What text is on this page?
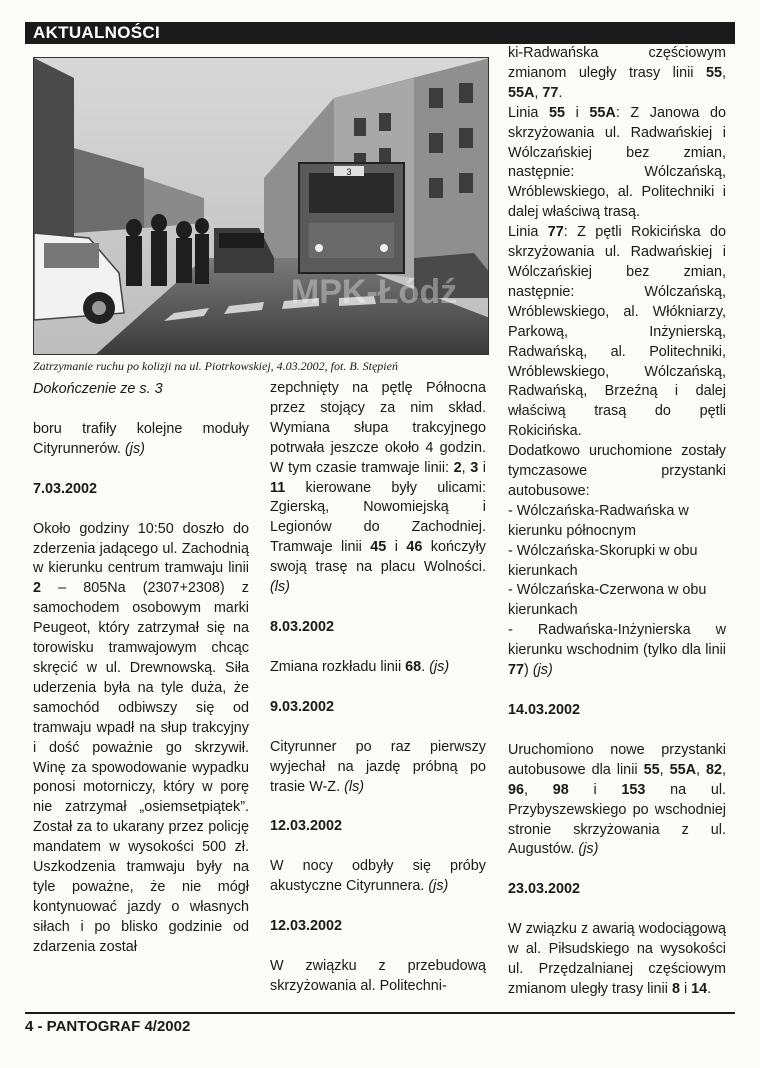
AKTUALNOŚCI
3
MPK-Łódź
Zatrzymanie ruchu po kolizji na ul. Piotrkowskiej, 4.03.2002, fot. B. Stępień

Dokończenie ze s. 3

boru trafiły kolejne moduły Cityrunnerów. (js)

7.03.2002

Około godziny 10:50 doszło do zderzenia jadącego ul. Zachodnią w kierunku centrum tramwaju linii 2 – 805Na (2307+2308) z samochodem osobowym marki Peugeot, który zatrzymał się na torowisku tramwajowym chcąc skręcić w ul. Drewnowską. Siła uderzenia była na tyle duża, że samochód odbiwszy się od tramwaju wpadł na słup trakcyjny i dość poważnie go skrzywił. Winę za spowodowanie wypadku ponosi motorniczy, który w porę nie zatrzymał „osiemsetpiątek”. Został za to ukarany przez policję mandatem w wysokości 500 zł. Uszkodzenia tramwaju były na tyle poważne, że nie mógł kontynuować jazdy o własnych siłach i po blisko godzinie od zdarzenia został

zepchnięty na pętlę Północna przez stojący za nim skład. Wymiana słupa trakcyjnego potrwała jeszcze około 4 godzin. W tym czasie tramwaje linii: 2, 3 i 11 kierowane były ulicami: Zgierską, Nowomiejską i Legionów do Zachodniej. Tramwaje linii 45 i 46 kończyły swoją trasę na placu Wolności. (ls)

8.03.2002

Zmiana rozkładu linii 68. (js)

9.03.2002

Cityrunner po raz pierwszy wyjechał na jazdę próbną po trasie W-Z. (ls)

12.03.2002

W nocy odbyły się próby akustyczne Cityrunnera. (js)

12.03.2002

W związku z przebudową skrzyżowania al. Politechni-

ki-Radwańska częściowym zmianom uległy trasy linii 55, 55A, 77.

Linia 55 i 55A: Z Janowa do skrzyżowania ul. Radwańskiej i Wólczańskiej bez zmian, następnie: Wólczańską, Wróblewskiego, al. Politechniki i dalej właściwą trasą.

Linia 77: Z pętli Rokicińska do skrzyżowania ul. Radwańskiej i Wólczańskiej bez zmian, następnie: Wólczańską, Wróblewskiego, al. Włókniarzy, Parkową, Inżynierską, Radwańską, al. Politechniki, Wróblewskiego, Wólczańską, Radwańską, Brzeźną i dalej właściwą trasą do pętli Rokicińska.

Dodatkowo uruchomione zostały tymczasowe przystanki autobusowe:

- Wólczańska-Radwańska w kierunku północnym

- Wólczańska-Skorupki w obu kierunkach

- Wólczańska-Czerwona w obu kierunkach

- Radwańska-Inżynierska w kierunku wschodnim (tylko dla linii 77) (js)

14.03.2002

Uruchomiono nowe przystanki autobusowe dla linii 55, 55A, 82, 96, 98 i 153 na ul. Przybyszewskiego po wschodniej stronie skrzyżowania z ul. Augustów. (js)

23.03.2002

W związku z awarią wodociągową w al. Piłsudskiego na wysokości ul. Przędzalnianej częściowym zmianom uległy trasy linii 8 i 14.

4 - PANTOGRAF 4/2002
